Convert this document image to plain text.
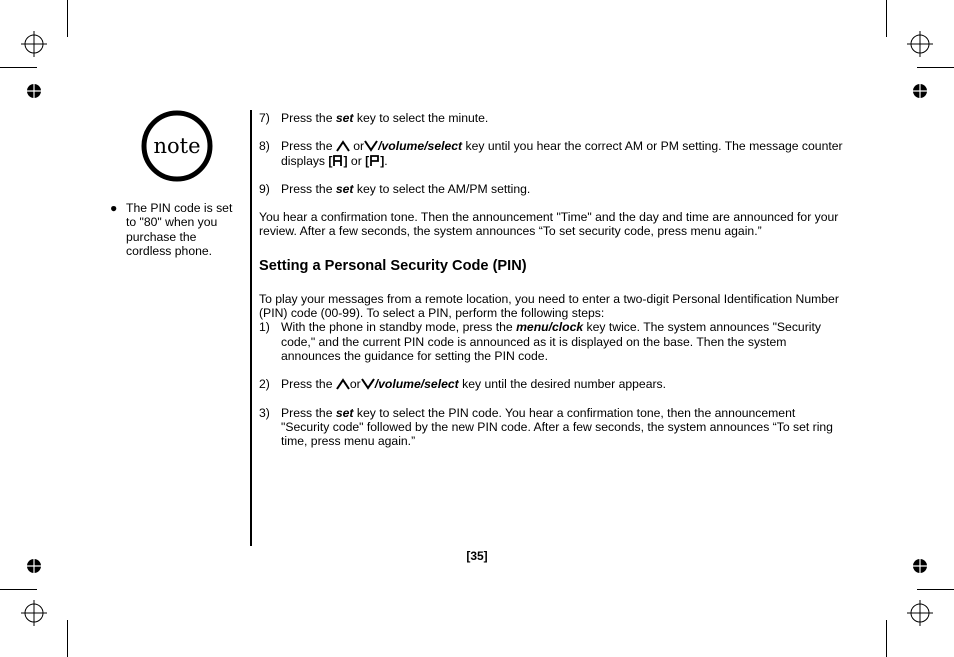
note
● The PIN code is set to "80" when you purchase the cordless phone.
7) Press the set key to select the minute.
8) Press the  or /volume/select key until you hear the correct AM or PM setting. The message counter displays [ ] or [ ].
9) Press the set key to select the AM/PM setting.
You hear a confirmation tone. Then the announcement "Time" and the day and time are announced for your review. After a few seconds, the system announces “To set security code, press menu again.”
Setting a Personal Security Code (PIN)
To play your messages from a remote location, you need to enter a two-digit Personal Identification Number (PIN) code (00-99). To select a PIN, perform the following steps:
1) With the phone in standby mode, press the menu/clock key twice. The system announces "Security code," and the current PIN code is announced as it is displayed on the base. Then the system announces the guidance for setting the PIN code.
2) Press the or /volume/select key until the desired number appears.
3) Press the set key to select the PIN code. You hear a confirmation tone, then the announcement "Security code" followed by the new PIN code. After a few seconds, the system announces “To set ring time, press menu again.”
[35]
